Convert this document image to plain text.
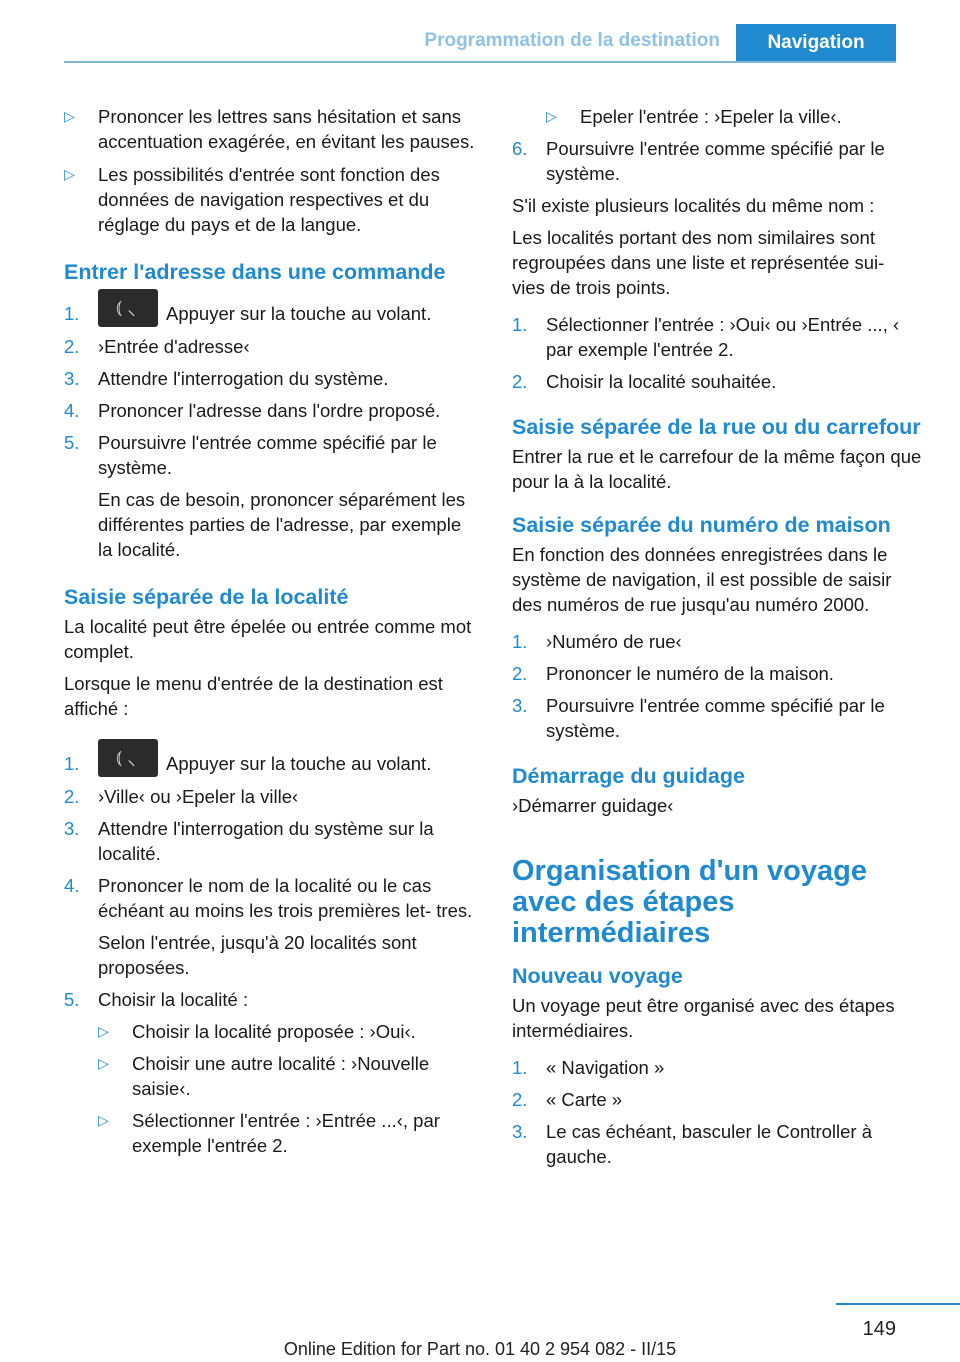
Programmation de la destination	Navigation
▷	Prononcer les lettres sans hésitation et sans accentuation exagérée, en évitant les pauses.
▷	Les possibilités d'entrée sont fonction des données de navigation respectives et du réglage du pays et de la langue.
Entrer l'adresse dans une commande
1.	⦅ ⸜ Appuyer sur la touche au volant.
2.	›Entrée d'adresse‹
3.	Attendre l'interrogation du système.
4.	Prononcer l'adresse dans l'ordre proposé.
5.	Poursuivre l'entrée comme spécifié par le système.
En cas de besoin, prononcer séparément les différentes parties de l'adresse, par exemple la localité.
Saisie séparée de la localité
La localité peut être épelée ou entrée comme mot complet.
Lorsque le menu d'entrée de la destination est affiché :
1.	⦅ ⸜ Appuyer sur la touche au volant.
2.	›Ville‹ ou ›Epeler la ville‹
3.	Attendre l'interrogation du système sur la localité.
4.	Prononcer le nom de la localité ou le cas échéant au moins les trois premières let‐ tres.
Selon l'entrée, jusqu'à 20 localités sont proposées.
5.	Choisir la localité :
▷	Choisir la localité proposée : ›Oui‹.
▷	Choisir une autre localité : ›Nouvelle saisie‹.
▷	Sélectionner l'entrée : ›Entrée ...‹, par exemple l'entrée 2.
▷	Epeler l'entrée : ›Epeler la ville‹.
6.	Poursuivre l'entrée comme spécifié par le système.
S'il existe plusieurs localités du même nom :
Les localités portant des nom similaires sont regroupées dans une liste et représentée sui‐ vies de trois points.
1.	Sélectionner l'entrée : ›Oui‹ ou ›Entrée ..., ‹ par exemple l'entrée 2.
2.	Choisir la localité souhaitée.
Saisie séparée de la rue ou du carrefour
Entrer la rue et le carrefour de la même façon que pour la à la localité.
Saisie séparée du numéro de maison
En fonction des données enregistrées dans le système de navigation, il est possible de saisir des numéros de rue jusqu'au numéro 2000.
1.	›Numéro de rue‹
2.	Prononcer le numéro de la maison.
3.	Poursuivre l'entrée comme spécifié par le système.
Démarrage du guidage
›Démarrer guidage‹
Organisation d'un voyage avec des étapes intermédiaires
Nouveau voyage
Un voyage peut être organisé avec des étapes intermédiaires.
1.	« Navigation »
2.	« Carte »
3.	Le cas échéant, basculer le Controller à gauche.
149
Online Edition for Part no. 01 40 2 954 082 - II/15
